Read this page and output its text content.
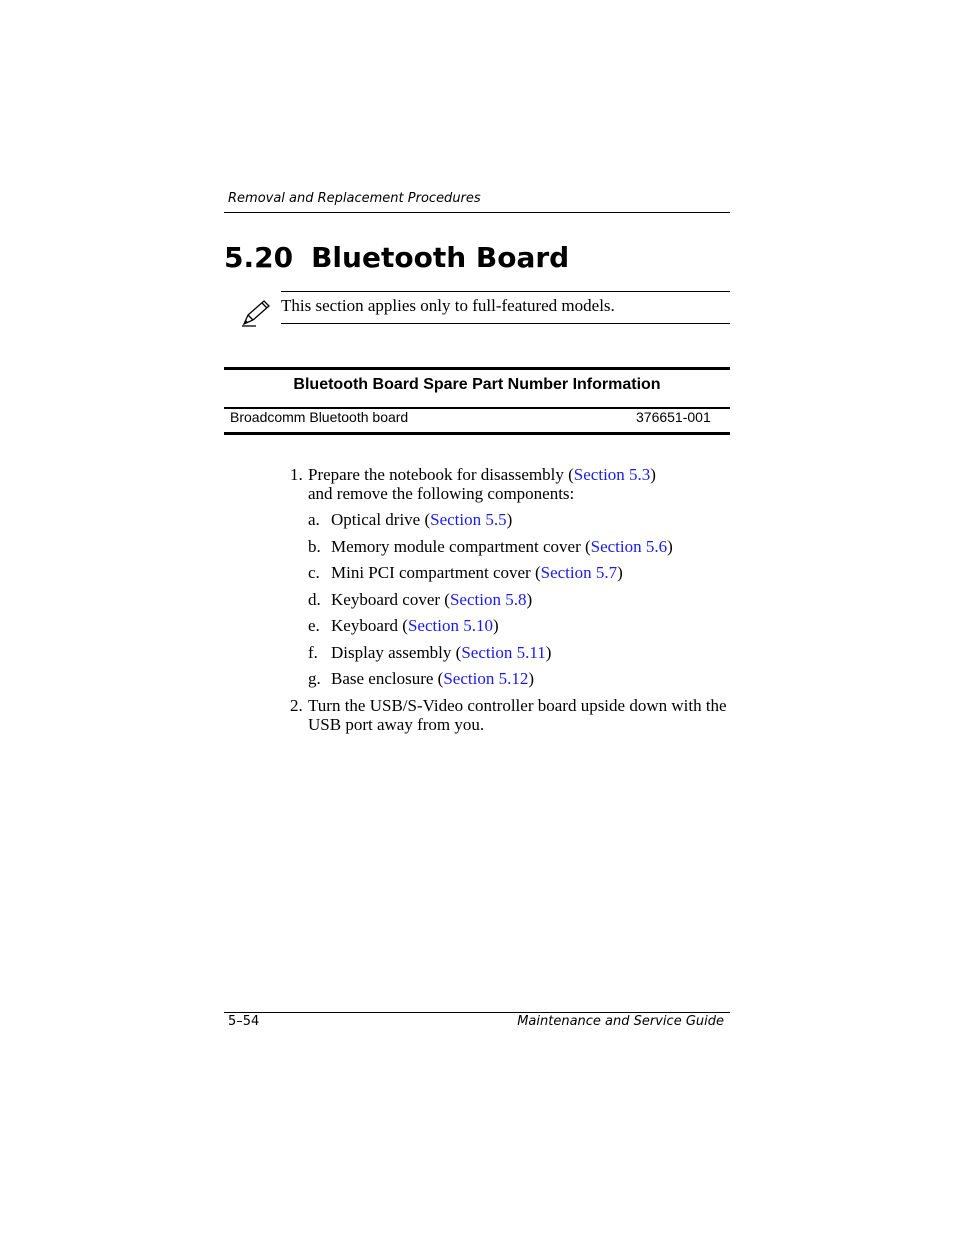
Removal and Replacement Procedures
5.20 Bluetooth Board
This section applies only to full-featured models.
Bluetooth Board Spare Part Number Information
Broadcomm Bluetooth board	376651-001
1. Prepare the notebook for disassembly (Section 5.3)
and remove the following components:
a. Optical drive (Section 5.5)
b. Memory module compartment cover (Section 5.6)
c. Mini PCI compartment cover (Section 5.7)
d. Keyboard cover (Section 5.8)
e. Keyboard (Section 5.10)
f. Display assembly (Section 5.11)
g. Base enclosure (Section 5.12)
2. Turn the USB/S-Video controller board upside down with the
USB port away from you.
5–54	Maintenance and Service Guide
